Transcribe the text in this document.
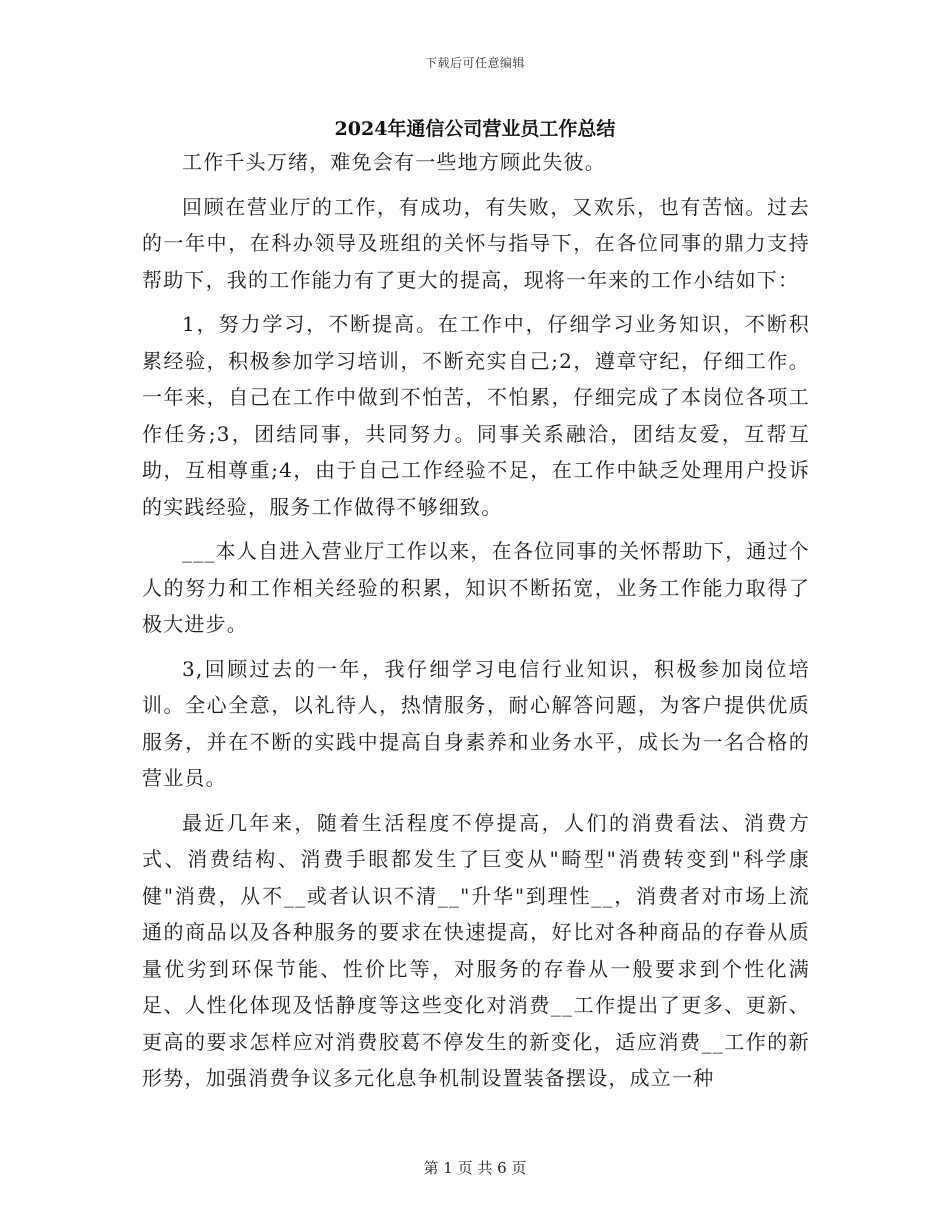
下载后可任意编辑
2024年通信公司营业员工作总结

工作千头万绪，难免会有一些地方顾此失彼。

回顾在营业厅的工作，有成功，有失败，又欢乐，也有苦恼。过去的一年中，在科办领导及班组的关怀与指导下，在各位同事的鼎力支持帮助下，我的工作能力有了更大的提高，现将一年来的工作小结如下：

1，努力学习，不断提高。在工作中，仔细学习业务知识，不断积累经验，积极参加学习培训，不断充实自己;2，遵章守纪，仔细工作。一年来，自己在工作中做到不怕苦，不怕累，仔细完成了本岗位各项工作任务;3，团结同事，共同努力。同事关系融洽，团结友爱，互帮互助，互相尊重;4，由于自己工作经验不足，在工作中缺乏处理用户投诉的实践经验，服务工作做得不够细致。

___本人自进入营业厅工作以来，在各位同事的关怀帮助下，通过个人的努力和工作相关经验的积累，知识不断拓宽，业务工作能力取得了极大进步。

3,回顾过去的一年，我仔细学习电信行业知识，积极参加岗位培训。全心全意，以礼待人，热情服务，耐心解答问题，为客户提供优质服务，并在不断的实践中提高自身素养和业务水平，成长为一名合格的营业员。

最近几年来，随着生活程度不停提高，人们的消费看法、消费方式、消费结构、消费手眼都发生了巨变从"畸型"消费转变到"科学康健"消费，从不__或者认识不清__"升华"到理性__，消费者对市场上流通的商品以及各种服务的要求在快速提高，好比对各种商品的存眷从质量优劣到环保节能、性价比等，对服务的存眷从一般要求到个性化满足、人性化体现及恬静度等这些变化对消费__工作提出了更多、更新、更高的要求怎样应对消费胶葛不停发生的新变化，适应消费__工作的新形势，加强消费争议多元化息争机制设置装备摆设，成立一种

第 1 页 共 6 页
